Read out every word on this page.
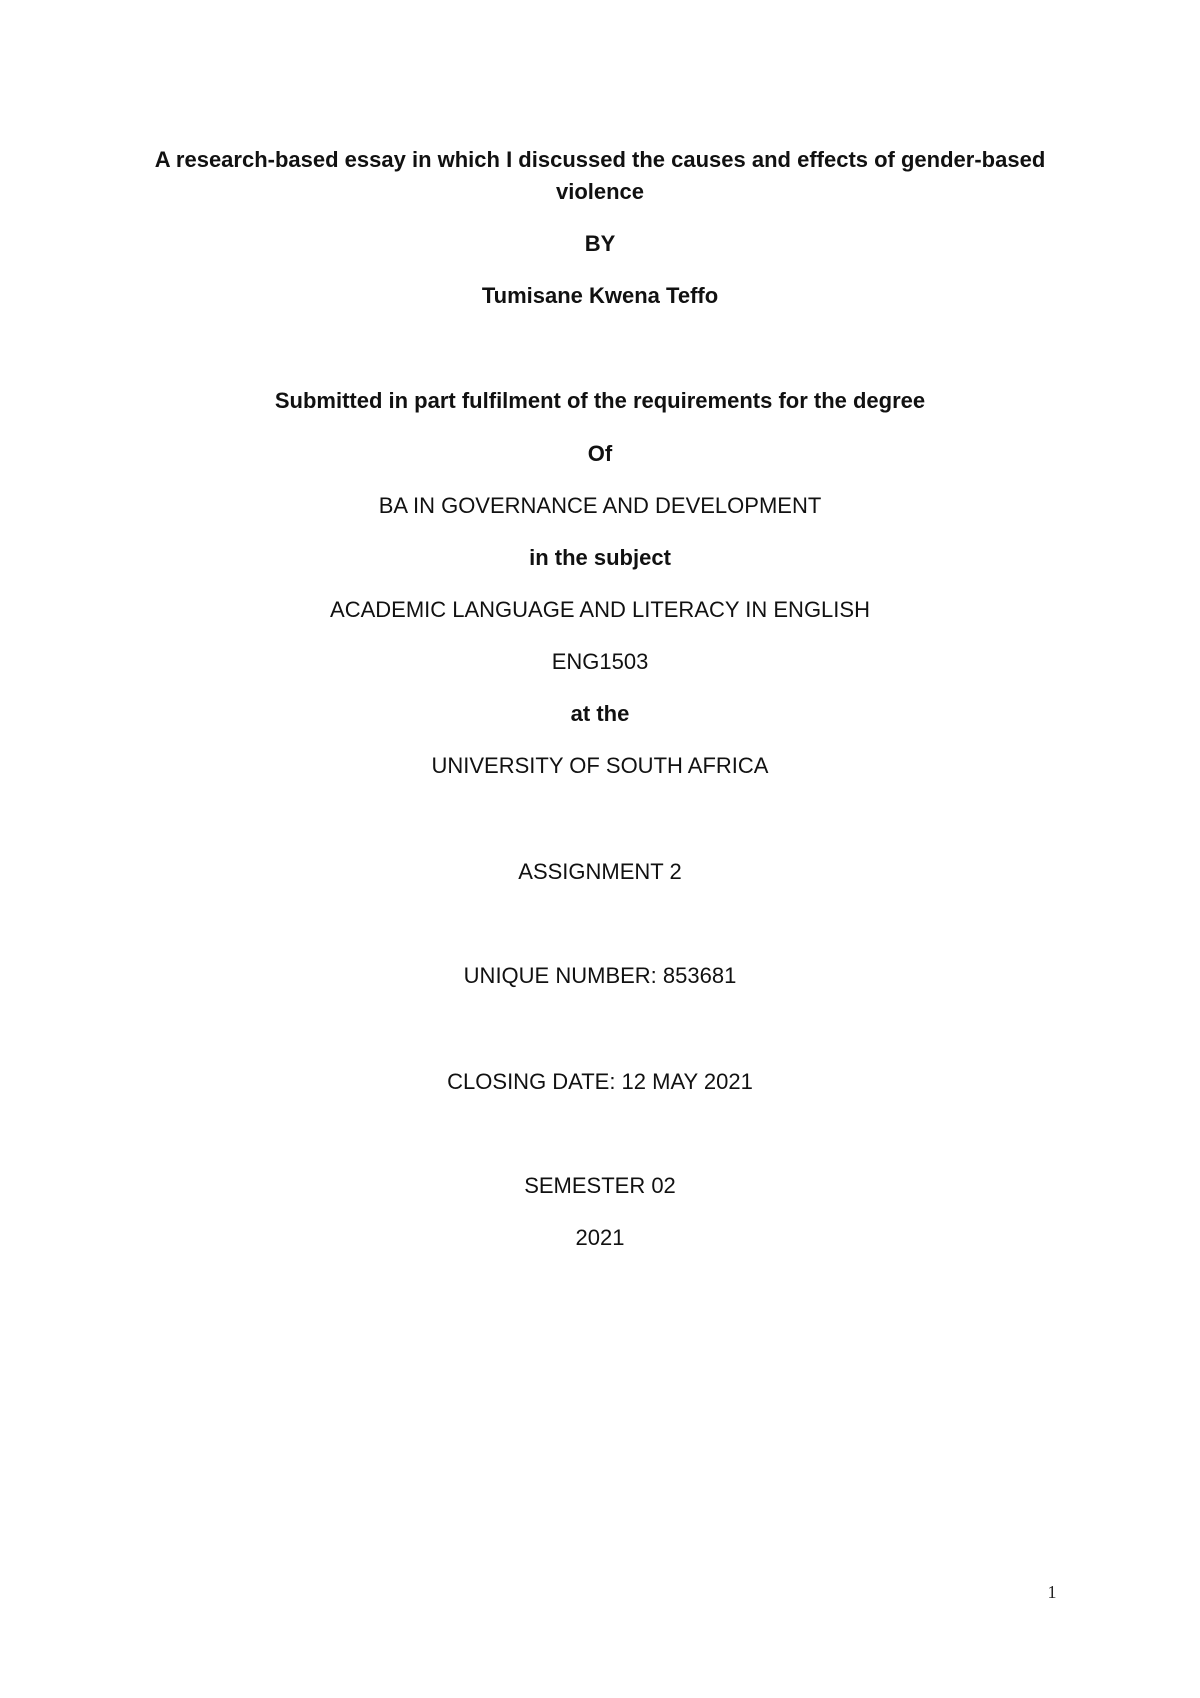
A research-based essay in which I discussed the causes and effects of gender-based violence
BY
Tumisane Kwena Teffo
Submitted in part fulfilment of the requirements for the degree
Of
BA IN GOVERNANCE AND DEVELOPMENT
in the subject
ACADEMIC LANGUAGE AND LITERACY IN ENGLISH
ENG1503
at the
UNIVERSITY OF SOUTH AFRICA
ASSIGNMENT 2
UNIQUE NUMBER: 853681
CLOSING DATE: 12 MAY 2021
SEMESTER 02
2021
1
